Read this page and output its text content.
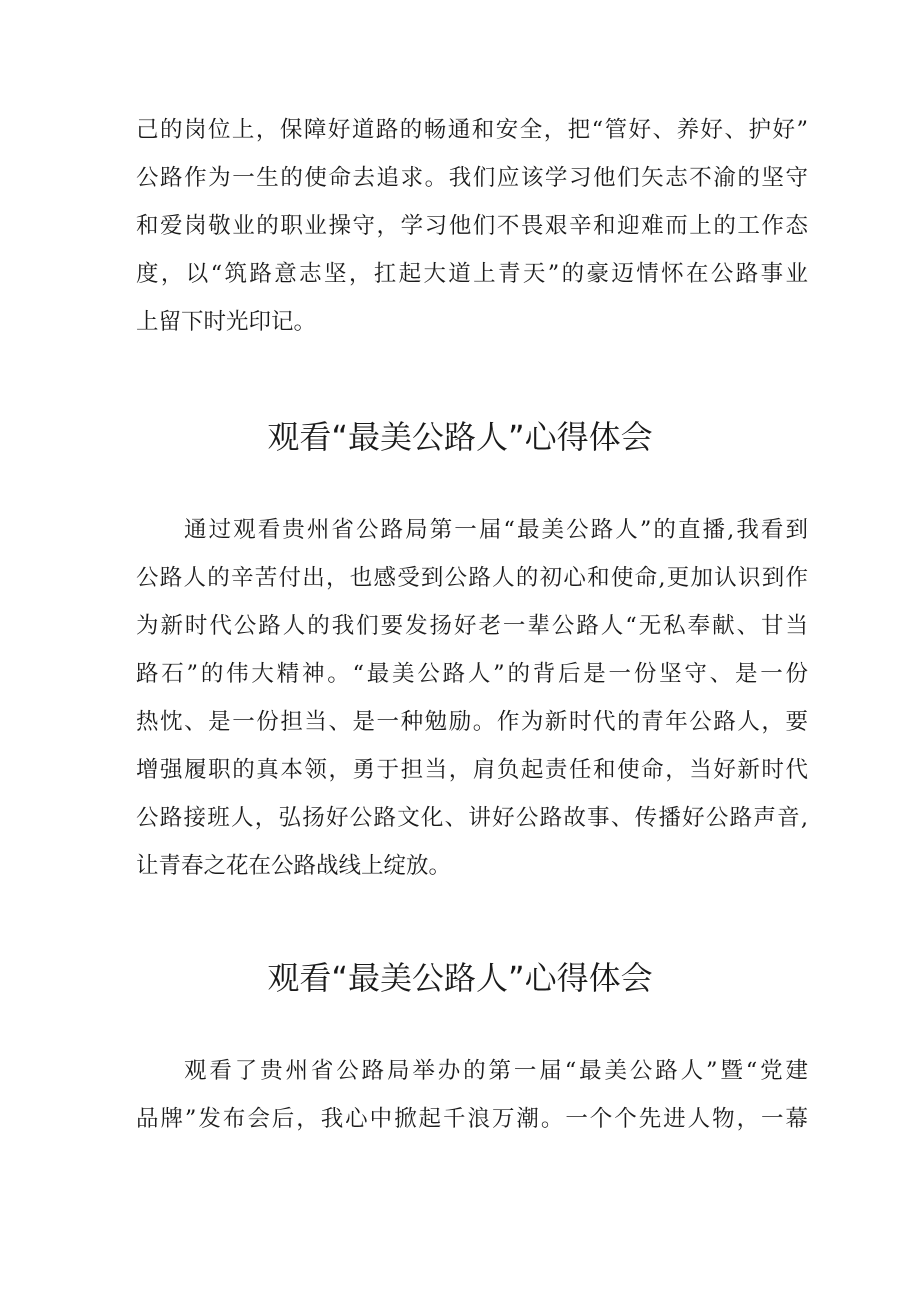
己的岗位上，保障好道路的畅通和安全，把“管好、养好、护好”
公路作为一生的使命去追求。我们应该学习他们矢志不渝的坚守
和爱岗敬业的职业操守，学习他们不畏艰辛和迎难而上的工作态
度，以“筑路意志坚，扛起大道上青天”的豪迈情怀在公路事业
上留下时光印记。
观看“最美公路人”心得体会
通过观看贵州省公路局第一届“最美公路人”的直播,我看到
公路人的辛苦付出，也感受到公路人的初心和使命,更加认识到作
为新时代公路人的我们要发扬好老一辈公路人“无私奉献、甘当
路石”的伟大精神。“最美公路人”的背后是一份坚守、是一份
热忱、是一份担当、是一种勉励。作为新时代的青年公路人，要
增强履职的真本领，勇于担当，肩负起责任和使命，当好新时代
公路接班人，弘扬好公路文化、讲好公路故事、传播好公路声音,
让青春之花在公路战线上绽放。
观看“最美公路人”心得体会
观看了贵州省公路局举办的第一届“最美公路人”暨“党建
品牌”发布会后，我心中掀起千浪万潮。一个个先进人物，一幕
